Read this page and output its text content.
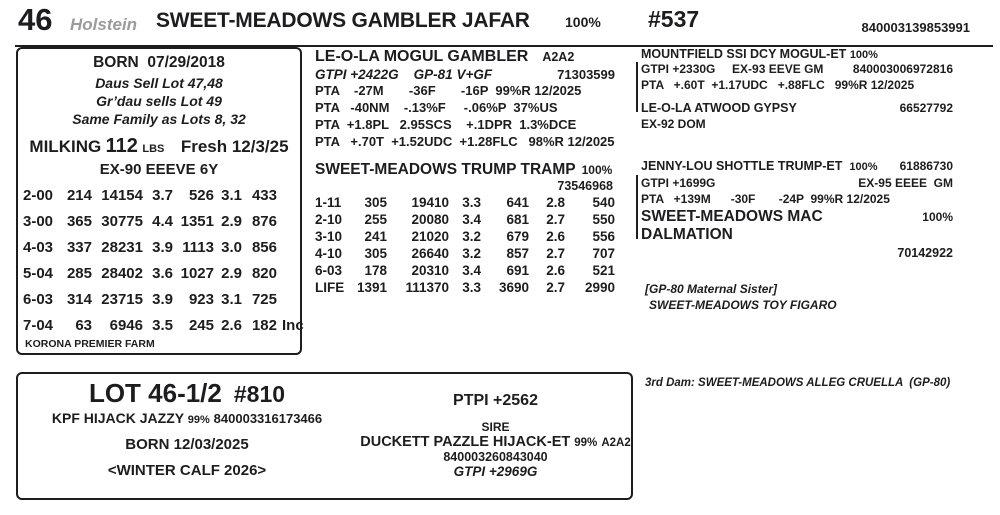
46 Holstein SWEET-MEADOWS GAMBLER JAFAR	100% #537	840003139853991
BORN  07/29/2018
Daus Sell Lot 47,48
Gr’dau sells Lot 49
Same Family as Lots 8, 32
MILKING 112 LBS Fresh 12/3/25
EX-90 EEEVE 6Y
2-00 214 14154 3.7	526 3.1 433
3-00 365 30775 4.4 1351 2.9 876
4-03 337 28231 3.9 1113 3.0 856
5-04 285 28402 3.6 1027 2.9 820
6-03 314 23715 3.9	923 3.1 725
7-04	63	6946 3.5	245 2.6 182 Inc
KORONA PREMIER FARM
LE-O-LA MOGUL GAMBLER A2A2
GTPI +2422G    GP-81 V+GF	71303599
PTA    -27M       -36F       -16P  99%R 12/2025
PTA   -40NM    -.13%F     -.06%P  37%US
PTA  +1.8PL   2.95SCS    +.1DPR  1.3%DCE
PTA   +.70T  +1.52UDC  +1.28FLC   98%R 12/2025
SWEET-MEADOWS TRUMP TRAMP 100%
73546968
1-11	305	19410 3.3	641	2.8	540
2-10	255	20080 3.4	681	2.7	550
3-10	241	21020 3.2	679	2.6	556
4-10	305	26640 3.2	857	2.7	707
6-03	178	20310 3.4	691	2.6	521
LIFE 1391	111370 3.3	3690	2.7	2990
MOUNTFIELD SSI DCY MOGUL-ET 100%
GTPI +2330G     EX-93 EEVE GM 840003006972816
PTA   +.60T  +1.17UDC   +.88FLC   99%R 12/2025
LE-O-LA ATWOOD GYPSY	66527792
EX-92 DOM
JENNY-LOU SHOTTLE TRUMP-ET 100% 61886730
GTPI +1699G	EX-95 EEEE  GM
PTA   +139M      -30F       -24P  99%R 12/2025
SWEET-MEADOWS MAC DALMATION
100%
70142922
[GP-80 Maternal Sister]
SWEET-MEADOWS TOY FIGARO
LOT 46-1/2 #810
KPF HIJACK JAZZY 99% 840003316173466
BORN 12/03/2025
<WINTER CALF 2026>
PTPI +2562
SIRE
DUCKETT PAZZLE HIJACK-ET 99% A2A2
840003260843040
GTPI +2969G
3rd Dam: SWEET-MEADOWS ALLEG CRUELLA  (GP-80)
